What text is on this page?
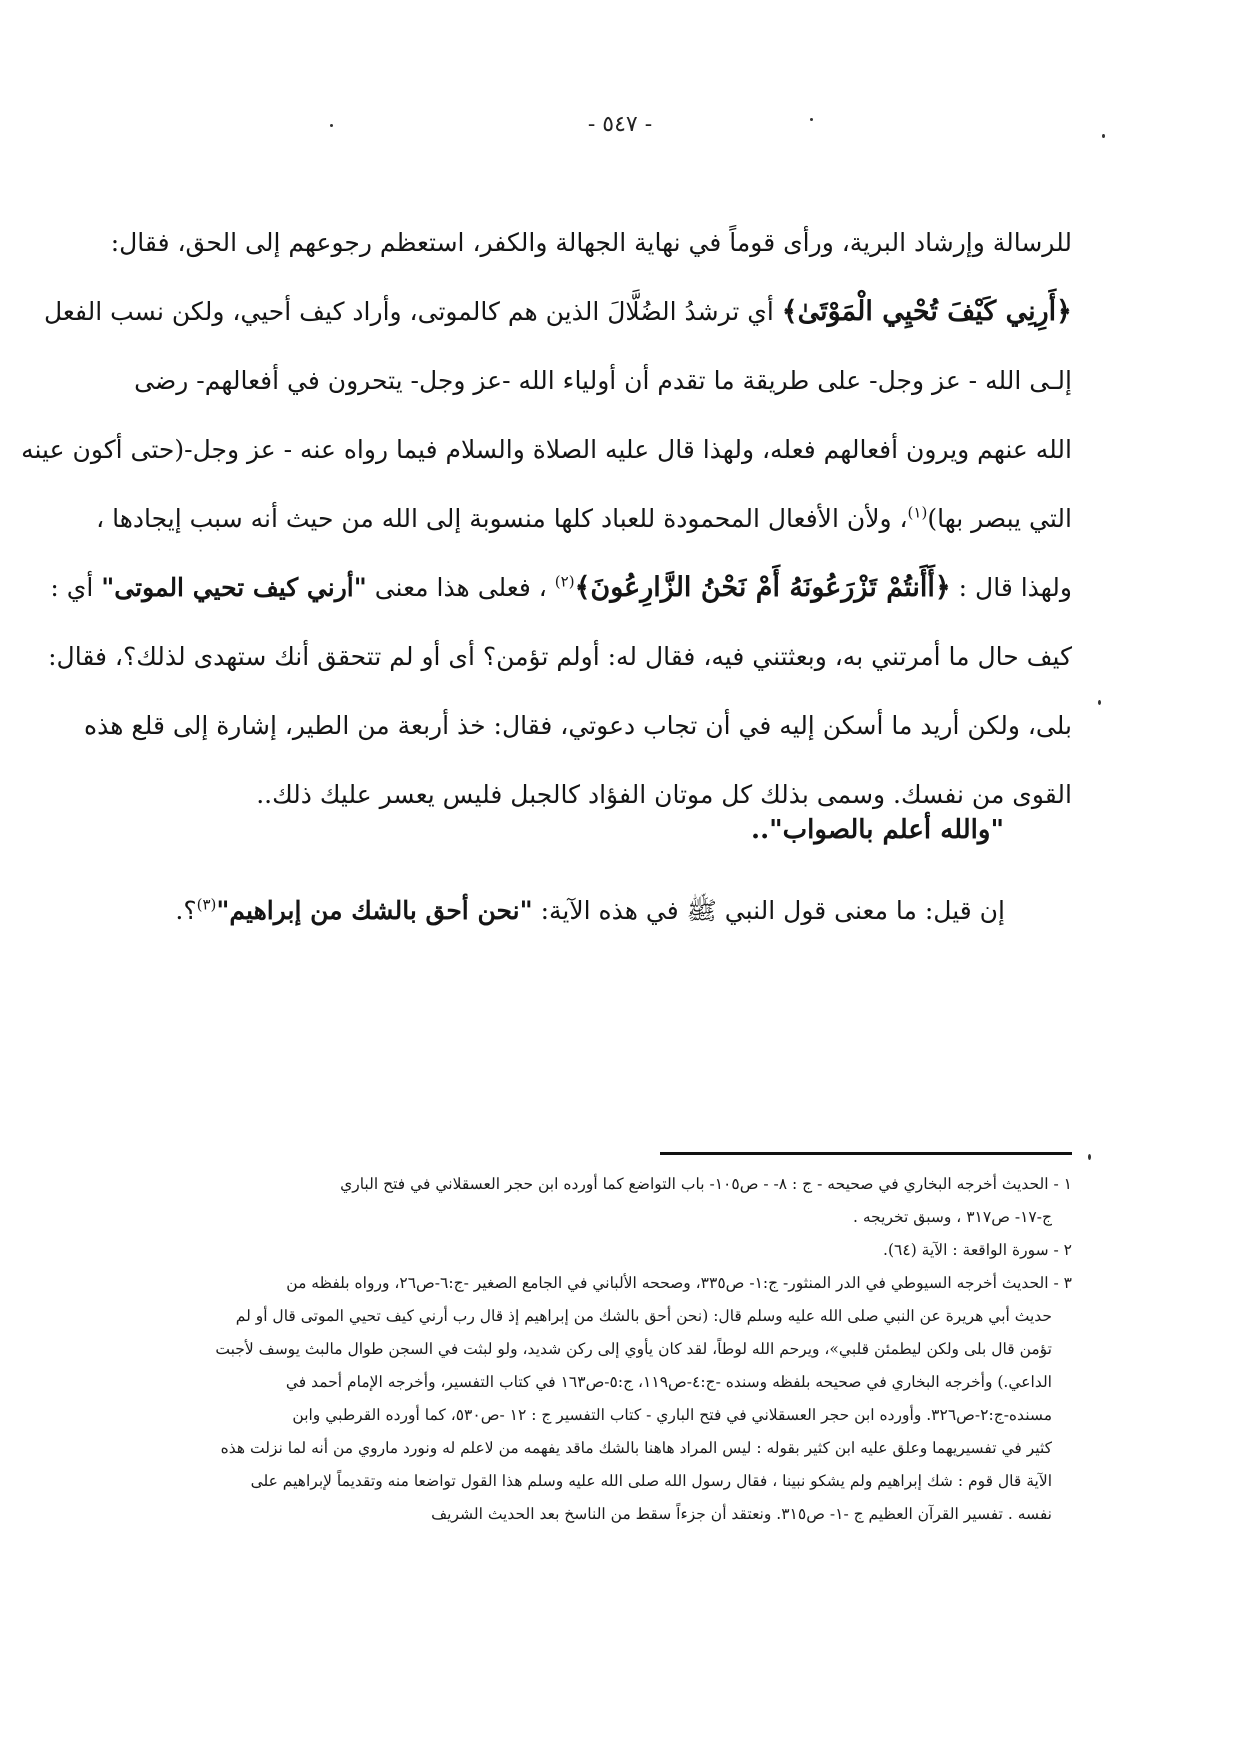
- ٥٤٧ -

للرسالة وإرشاد البرية، ورأى قوماً في نهاية الجهالة والكفر، استعظم رجوعهم إلى الحق، فقال:

﴿أَرِنِي كَيْفَ تُحْيِي الْمَوْتَىٰ﴾ أي ترشدُ الضُلَّالَ الذين هم كالموتى، وأراد كيف أحيي، ولكن نسب الفعل

إلـى الله - عز وجل- على طريقة ما تقدم أن أولياء الله -عز وجل- يتحرون في أفعالهم- رضى

الله عنهم ويرون أفعالهم فعله، ولهذا قال عليه الصلاة والسلام فيما رواه عنه - عز وجل-(حتى أكون عينه

التي يبصر بها)$^{(١)}$، ولأن الأفعال المحمودة للعباد كلها منسوبة إلى الله من حيث أنه سبب إيجادها ،

ولهذا قال : ﴿أَأَنتُمْ تَزْرَعُونَهُ أَمْ نَحْنُ الزَّارِعُونَ﴾$^{(٢)}$ ، فعلى هذا معنى "أرني كيف تحيي الموتى" أي :

كيف حال ما أمرتني به، وبعثتني فيه، فقال له: أولم تؤمن؟ أى أو لم تتحقق أنك ستهدى لذلك؟، فقال:

بلى، ولكن أريد ما أسكن إليه في أن تجاب دعوتي، فقال: خذ أربعة من الطير، إشارة إلى قلع هذه

القوى من نفسك. وسمى بذلك كل موتان الفؤاد كالجبل فليس يعسر عليك ذلك..

"والله أعلم بالصواب"..
إن قيل: ما معنى قول النبي ﷺ في هذه الآية: "نحن أحق بالشك من إبراهيم"$^{(٣)}$؟.

١ - الحديث أخرجه البخاري في صحيحه - ج : ٨- - ص١٠٥- باب التواضع كما أورده ابن حجر العسقلاني في فتح الباري

ج-١٧- ص٣١٧ ، وسبق تخريجه .

٢ - سورة الواقعة : الآية (٦٤).

٣ - الحديث أخرجه السيوطي في الدر المنثور- ج:١- ص٣٣٥، وصححه الألباني في الجامع الصغير -ج:٦-ص٢٦، ورواه بلفظه من

حديث أبي هريرة عن النبي صلى الله عليه وسلم قال: (نحن أحق بالشك من إبراهيم إذ قال رب أرني كيف تحيي الموتى قال أو لم

تؤمن قال بلى ولكن ليطمئن قلبي»، ويرحم الله لوطاً، لقد كان يأوي إلى ركن شديد، ولو لبثت في السجن طوال مالبث يوسف لأجبت

الداعي.) وأخرجه البخاري في صحيحه بلفظه وسنده -ج:٤-ص١١٩، ج:٥-ص١٦٣ في كتاب التفسير، وأخرجه الإمام أحمد في

مسنده-ج:٢-ص٣٢٦. وأورده ابن حجر العسقلاني في فتح الباري - كتاب التفسير ج : ١٢ -ص٥٣٠، كما أورده القرطبي وابن

كثير في تفسيريهما وعلق عليه ابن كثير بقوله : ليس المراد هاهنا بالشك ماقد يفهمه من لاعلم له ونورد ماروي من أنه لما نزلت هذه

الآية قال قوم : شك إبراهيم ولم يشكو نبينا ، فقال رسول الله صلى الله عليه وسلم هذا القول تواضعا منه وتقديماً لإبراهيم على

نفسه . تفسير القرآن العظيم ج -١- ص٣١٥. ونعتقد أن جزءاً سقط من الناسخ بعد الحديث الشريف
